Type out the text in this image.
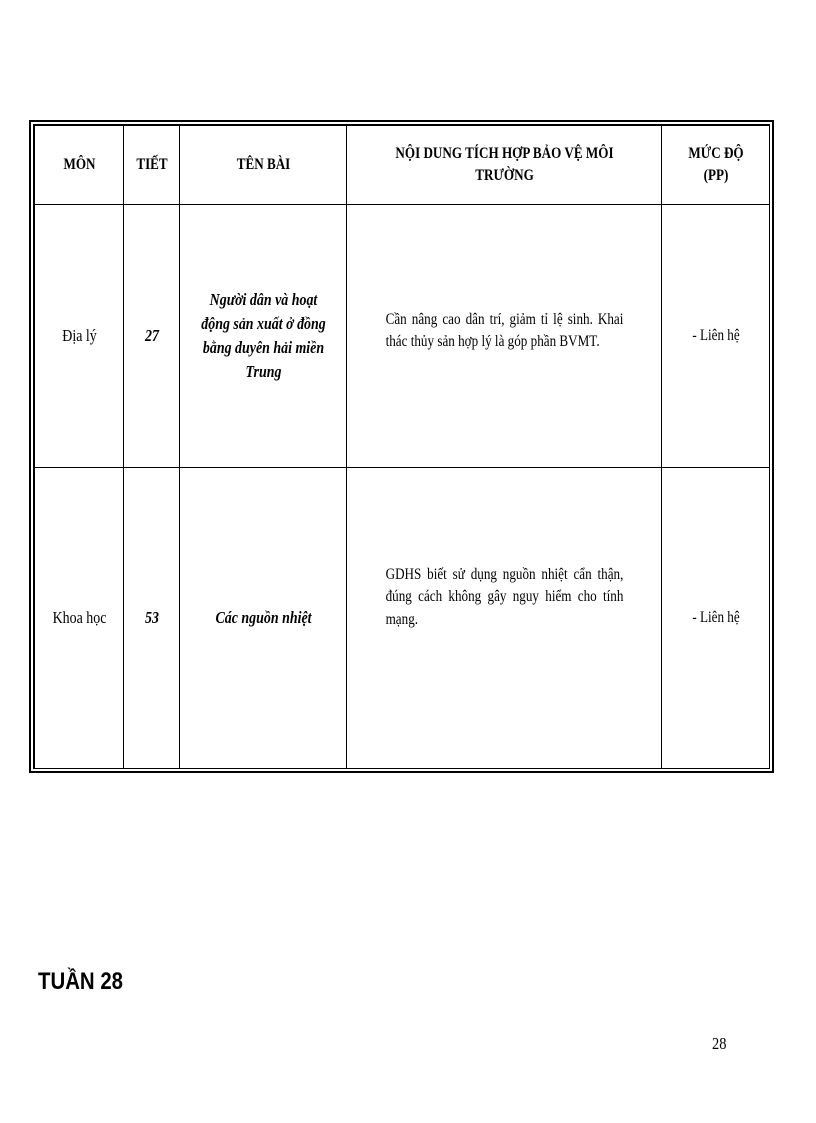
MÔN	TIẾT	TÊN BÀI	NỘI DUNG TÍCH HỢP BẢO VỆ MÔI TRƯỜNG	MỨC ĐỘ (PP)

Địa lý	27	Người dân và hoạt động sản xuất ở đồng bằng duyên hải miền Trung	Cần nâng cao dân trí, giảm tỉ lệ sinh. Khai thác thủy sản hợp lý là góp phần BVMT.	- Liên hệ

Khoa học	53	Các nguồn nhiệt	GDHS biết sử dụng nguồn nhiệt cẩn thận, đúng cách không gây nguy hiểm cho tính mạng.	- Liên hệ
TUẦN 28
28
